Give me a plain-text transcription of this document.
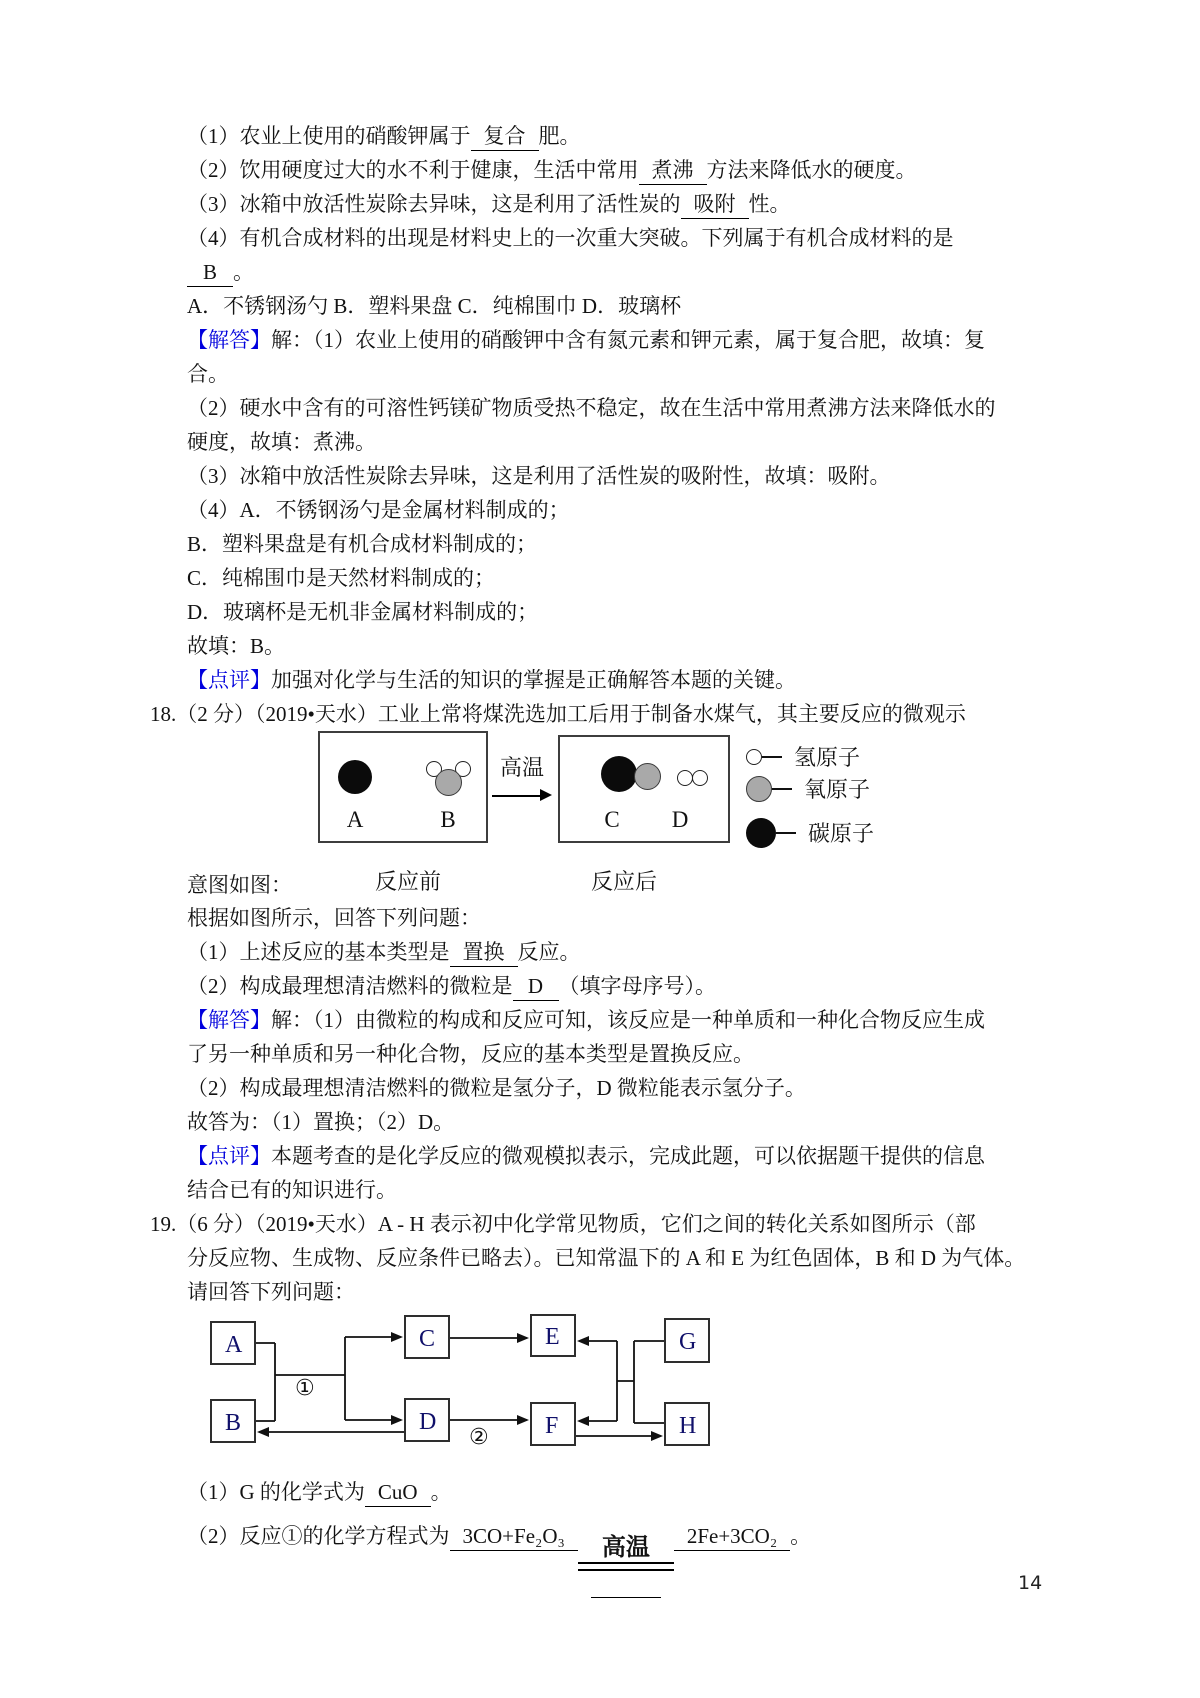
（1）农业上使用的硝酸钾属于 复合 肥。

（2）饮用硬度过大的水不利于健康，生活中常用 煮沸 方法来降低水的硬度。

（3）冰箱中放活性炭除去异味，这是利用了活性炭的 吸附 性。

（4）有机合成材料的出现是材料史上的一次重大突破。下列属于有机合成材料的是

B 。

A．不锈钢汤勺 B．塑料果盘 C．纯棉围巾 D．玻璃杯

【解答】解：（1）农业上使用的硝酸钾中含有氮元素和钾元素，属于复合肥，故填：复

合。

（2）硬水中含有的可溶性钙镁矿物质受热不稳定，故在生活中常用煮沸方法来降低水的

硬度，故填：煮沸。

（3）冰箱中放活性炭除去异味，这是利用了活性炭的吸附性，故填：吸附。

（4）A．不锈钢汤勺是金属材料制成的；

B．塑料果盘是有机合成材料制成的；

C．纯棉围巾是天然材料制成的；

D．玻璃杯是无机非金属材料制成的；

故填：B。

【点评】加强对化学与生活的知识的掌握是正确解答本题的关键。

18.（2 分）（2019•天水）工业上常将煤洗选加工后用于制备水煤气，其主要反应的微观示

A	B
高温
C	D
氢原子
氧原子
碳原子
意图如图：	反应前	反应后

根据如图所示，回答下列问题：

（1）上述反应的基本类型是 置换 反应。

（2）构成最理想清洁燃料的微粒是 D （填字母序号）。

【解答】解：（1）由微粒的构成和反应可知，该反应是一种单质和一种化合物反应生成

了另一种单质和另一种化合物，反应的基本类型是置换反应。

（2）构成最理想清洁燃料的微粒是氢分子，D 微粒能表示氢分子。

故答为：（1）置换；（2）D。

【点评】本题考查的是化学反应的微观模拟表示，完成此题，可以依据题干提供的信息

结合已有的知识进行。

19.（6 分）（2019•天水）A - H 表示初中化学常见物质，它们之间的转化关系如图所示（部

分反应物、生成物、反应条件已略去）。已知常温下的 A 和 E 为红色固体，B 和 D 为气体。

请回答下列问题：

A
B
C
D
E
F
G
H
①
②

（1）G 的化学式为 CuO 。

（2）反应①的化学方程式为 3CO+Fe₂O₃	高温	2Fe+3CO₂ 。

14
